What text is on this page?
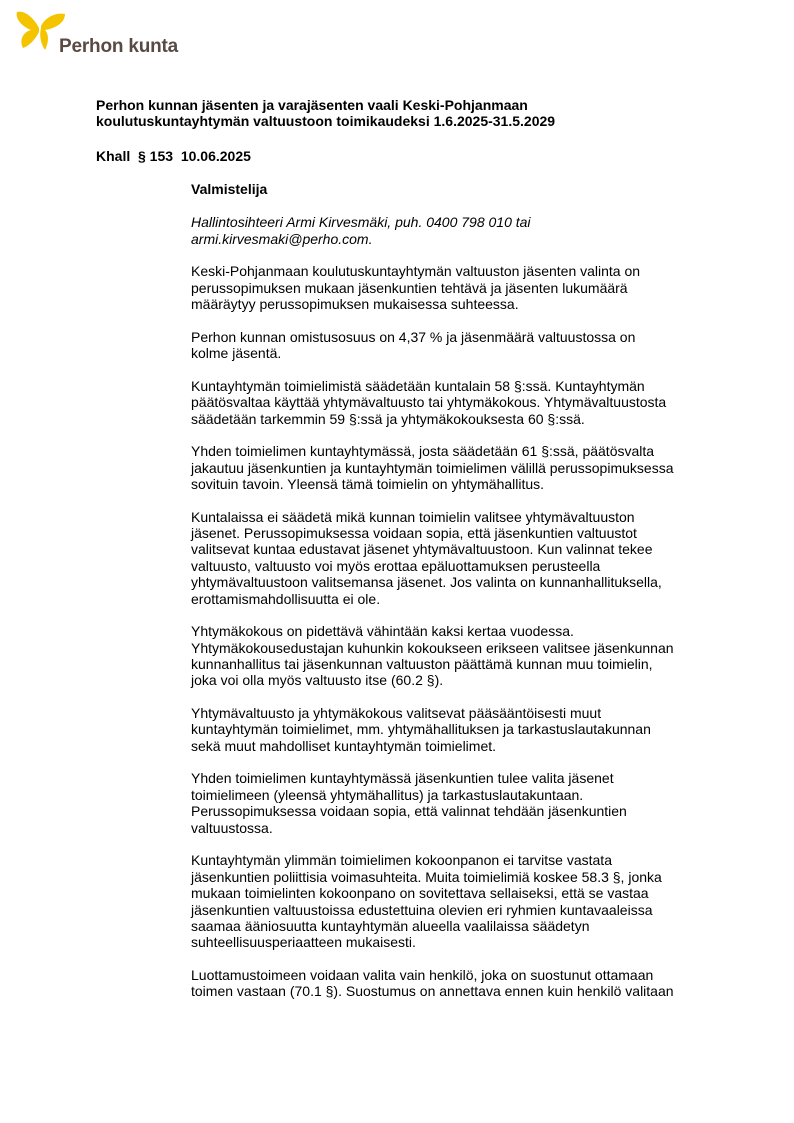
Perhon kunta
Perhon kunnan jäsenten ja varajäsenten vaali Keski-Pohjanmaan
koulutuskuntayhtymän valtuustoon toimikaudeksi 1.6.2025-31.5.2029
Khall  § 153  10.06.2025

Valmistelija

Hallintosihteeri Armi Kirvesmäki, puh. 0400 798 010 tai
armi.kirvesmaki@perho.com.

Keski-Pohjanmaan koulutuskuntayhtymän valtuuston jäsenten valinta on
perussopimuksen mukaan jäsenkuntien tehtävä ja jäsenten lukumäärä
määräytyy perussopimuksen mukaisessa suhteessa.

Perhon kunnan omistusosuus on 4,37 % ja jäsenmäärä valtuustossa on
kolme jäsentä.

Kuntayhtymän toimielimistä säädetään kuntalain 58 §:ssä. Kuntayhtymän
päätösvaltaa käyttää yhtymävaltuusto tai yhtymäkokous. Yhtymävaltuustosta
säädetään tarkemmin 59 §:ssä ja yhtymäkokouksesta 60 §:ssä.

Yhden toimielimen kuntayhtymässä, josta säädetään 61 §:ssä, päätösvalta
jakautuu jäsenkuntien ja kuntayhtymän toimielimen välillä perussopimuksessa
sovituin tavoin. Yleensä tämä toimielin on yhtymähallitus.

Kuntalaissa ei säädetä mikä kunnan toimielin valitsee yhtymävaltuuston
jäsenet. Perussopimuksessa voidaan sopia, että jäsenkuntien valtuustot
valitsevat kuntaa edustavat jäsenet yhtymävaltuustoon. Kun valinnat tekee
valtuusto, valtuusto voi myös erottaa epäluottamuksen perusteella
yhtymävaltuustoon valitsemansa jäsenet. Jos valinta on kunnanhallituksella,
erottamismahdollisuutta ei ole.

Yhtymäkokous on pidettävä vähintään kaksi kertaa vuodessa.
Yhtymäkokousedustajan kuhunkin kokoukseen erikseen valitsee jäsenkunnan
kunnanhallitus tai jäsenkunnan valtuuston päättämä kunnan muu toimielin,
joka voi olla myös valtuusto itse (60.2 §).

Yhtymävaltuusto ja yhtymäkokous valitsevat pääsääntöisesti muut
kuntayhtymän toimielimet, mm. yhtymähallituksen ja tarkastuslautakunnan
sekä muut mahdolliset kuntayhtymän toimielimet.

Yhden toimielimen kuntayhtymässä jäsenkuntien tulee valita jäsenet
toimielimeen (yleensä yhtymähallitus) ja tarkastuslautakuntaan.
Perussopimuksessa voidaan sopia, että valinnat tehdään jäsenkuntien
valtuustossa.

Kuntayhtymän ylimmän toimielimen kokoonpanon ei tarvitse vastata
jäsenkuntien poliittisia voimasuhteita. Muita toimielimiä koskee 58.3 §, jonka
mukaan toimielinten kokoonpano on sovitettava sellaiseksi, että se vastaa
jäsenkuntien valtuustoissa edustettuina olevien eri ryhmien kuntavaaleissa
saamaa ääniosuutta kuntayhtymän alueella vaalilaissa säädetyn
suhteellisuusperiaatteen mukaisesti.

Luottamustoimeen voidaan valita vain henkilö, joka on suostunut ottamaan
toimen vastaan (70.1 §). Suostumus on annettava ennen kuin henkilö valitaan
